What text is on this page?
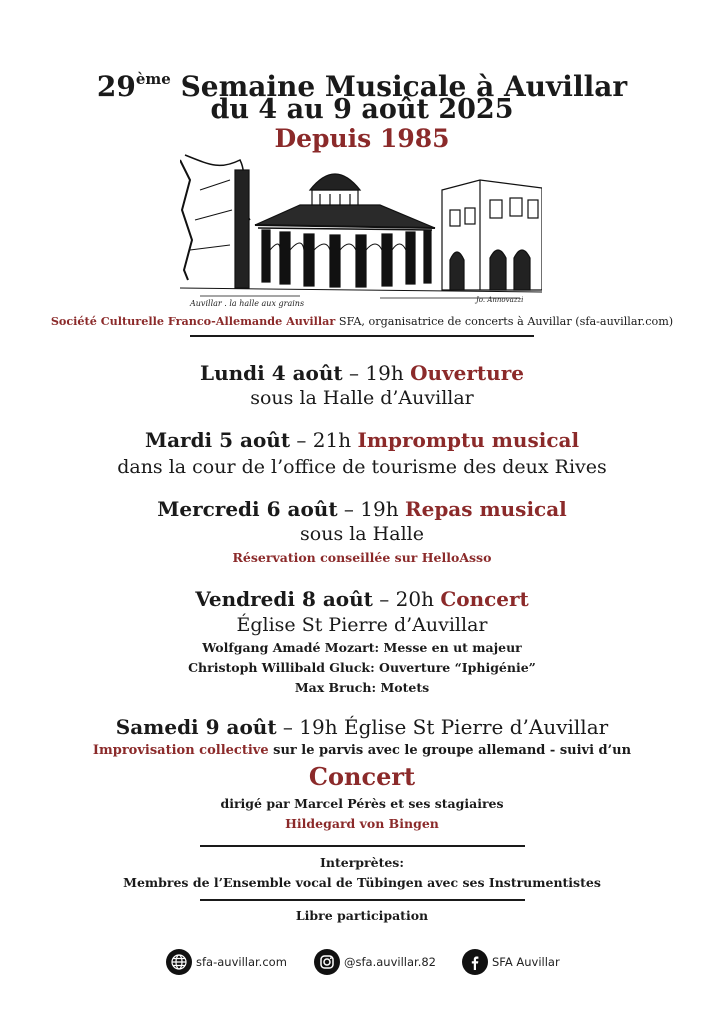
29ème Semaine Musicale à Auvillar
du 4 au 9 août 2025
Depuis 1985
Auvillar . la halle aux grains	Jo. Annovazzi
Société Culturelle Franco-Allemande Auvillar SFA, organisatrice de concerts à Auvillar (sfa-auvillar.com)
Lundi 4 août – 19h Ouverture
sous la Halle d’Auvillar
Mardi 5 août – 21h Impromptu musical
dans la cour de l’office de tourisme des deux Rives
Mercredi 6 août – 19h Repas musical
sous la Halle
Réservation conseillée sur HelloAsso
Vendredi 8 août – 20h Concert
Église St Pierre d’Auvillar
Wolfgang Amadé Mozart: Messe en ut majeur
Christoph Willibald Gluck: Ouverture “Iphigénie”
Max Bruch: Motets
Samedi 9 août – 19h Église St Pierre d’Auvillar
Improvisation collective sur le parvis avec le groupe allemand - suivi d’un
Concert
dirigé par Marcel Pérès et ses stagiaires
Hildegard von Bingen
Interprètes:
Membres de l’Ensemble vocal de Tübingen avec ses Instrumentistes
Libre participation
sfa-auvillar.com	@sfa.auvillar.82	SFA Auvillar
